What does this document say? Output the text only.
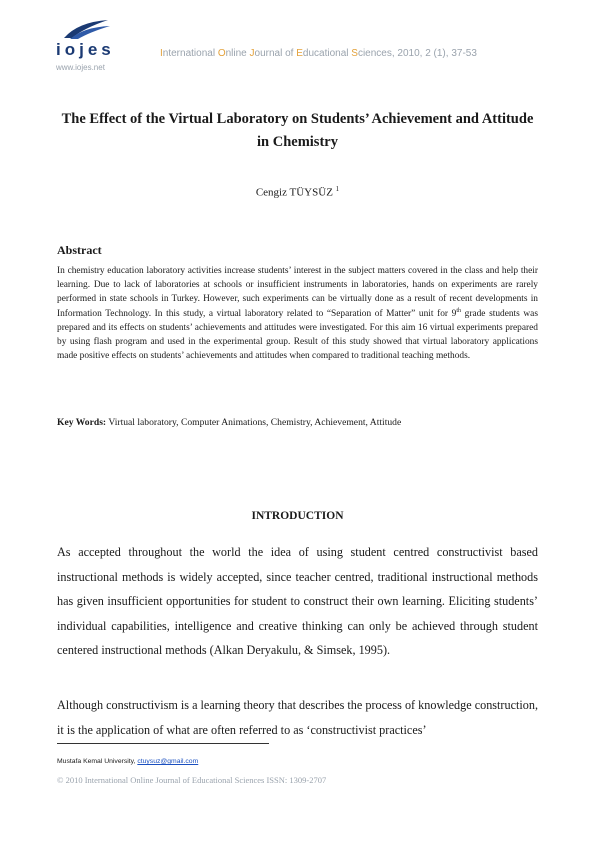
iojes
www.iojes.net
International Online Journal of Educational Sciences, 2010, 2 (1), 37-53
The Effect of the Virtual Laboratory on Students’ Achievement and Attitude in Chemistry
Cengiz TÜYSÜZ $^1$
Abstract
In chemistry education laboratory activities increase students’ interest in the subject matters covered in the class and help their learning. Due to lack of laboratories at schools or insufficient instruments in laboratories, hands on experiments are rarely performed in state schools in Turkey. However, such experiments can be virtually done as a result of recent developments in Information Technology. In this study, a virtual laboratory related to “Separation of Matter” unit for 9th grade students was prepared and its effects on students’ achievements and attitudes were investigated. For this aim 16 virtual experiments prepared by using flash program and used in the experimental group. Result of this study showed that virtual laboratory applications made positive effects on students’ achievements and attitudes when compared to traditional teaching methods.
Key Words: Virtual laboratory, Computer Animations, Chemistry, Achievement, Attitude
INTRODUCTION
As accepted throughout the world the idea of using student centred constructivist based instructional methods is widely accepted, since teacher centred, traditional instructional methods has given insufficient opportunities for student to construct their own learning. Eliciting students’ individual capabilities, intelligence and creative thinking can only be achieved through student centered instructional methods (Alkan Deryakulu, & Simsek, 1995).
Although constructivism is a learning theory that describes the process of knowledge construction, it is the application of what are often referred to as ‘constructivist practices’
Mustafa Kemal University, ctuysuz@gmail.com
© 2010 International Online Journal of Educational Sciences ISSN: 1309-2707
